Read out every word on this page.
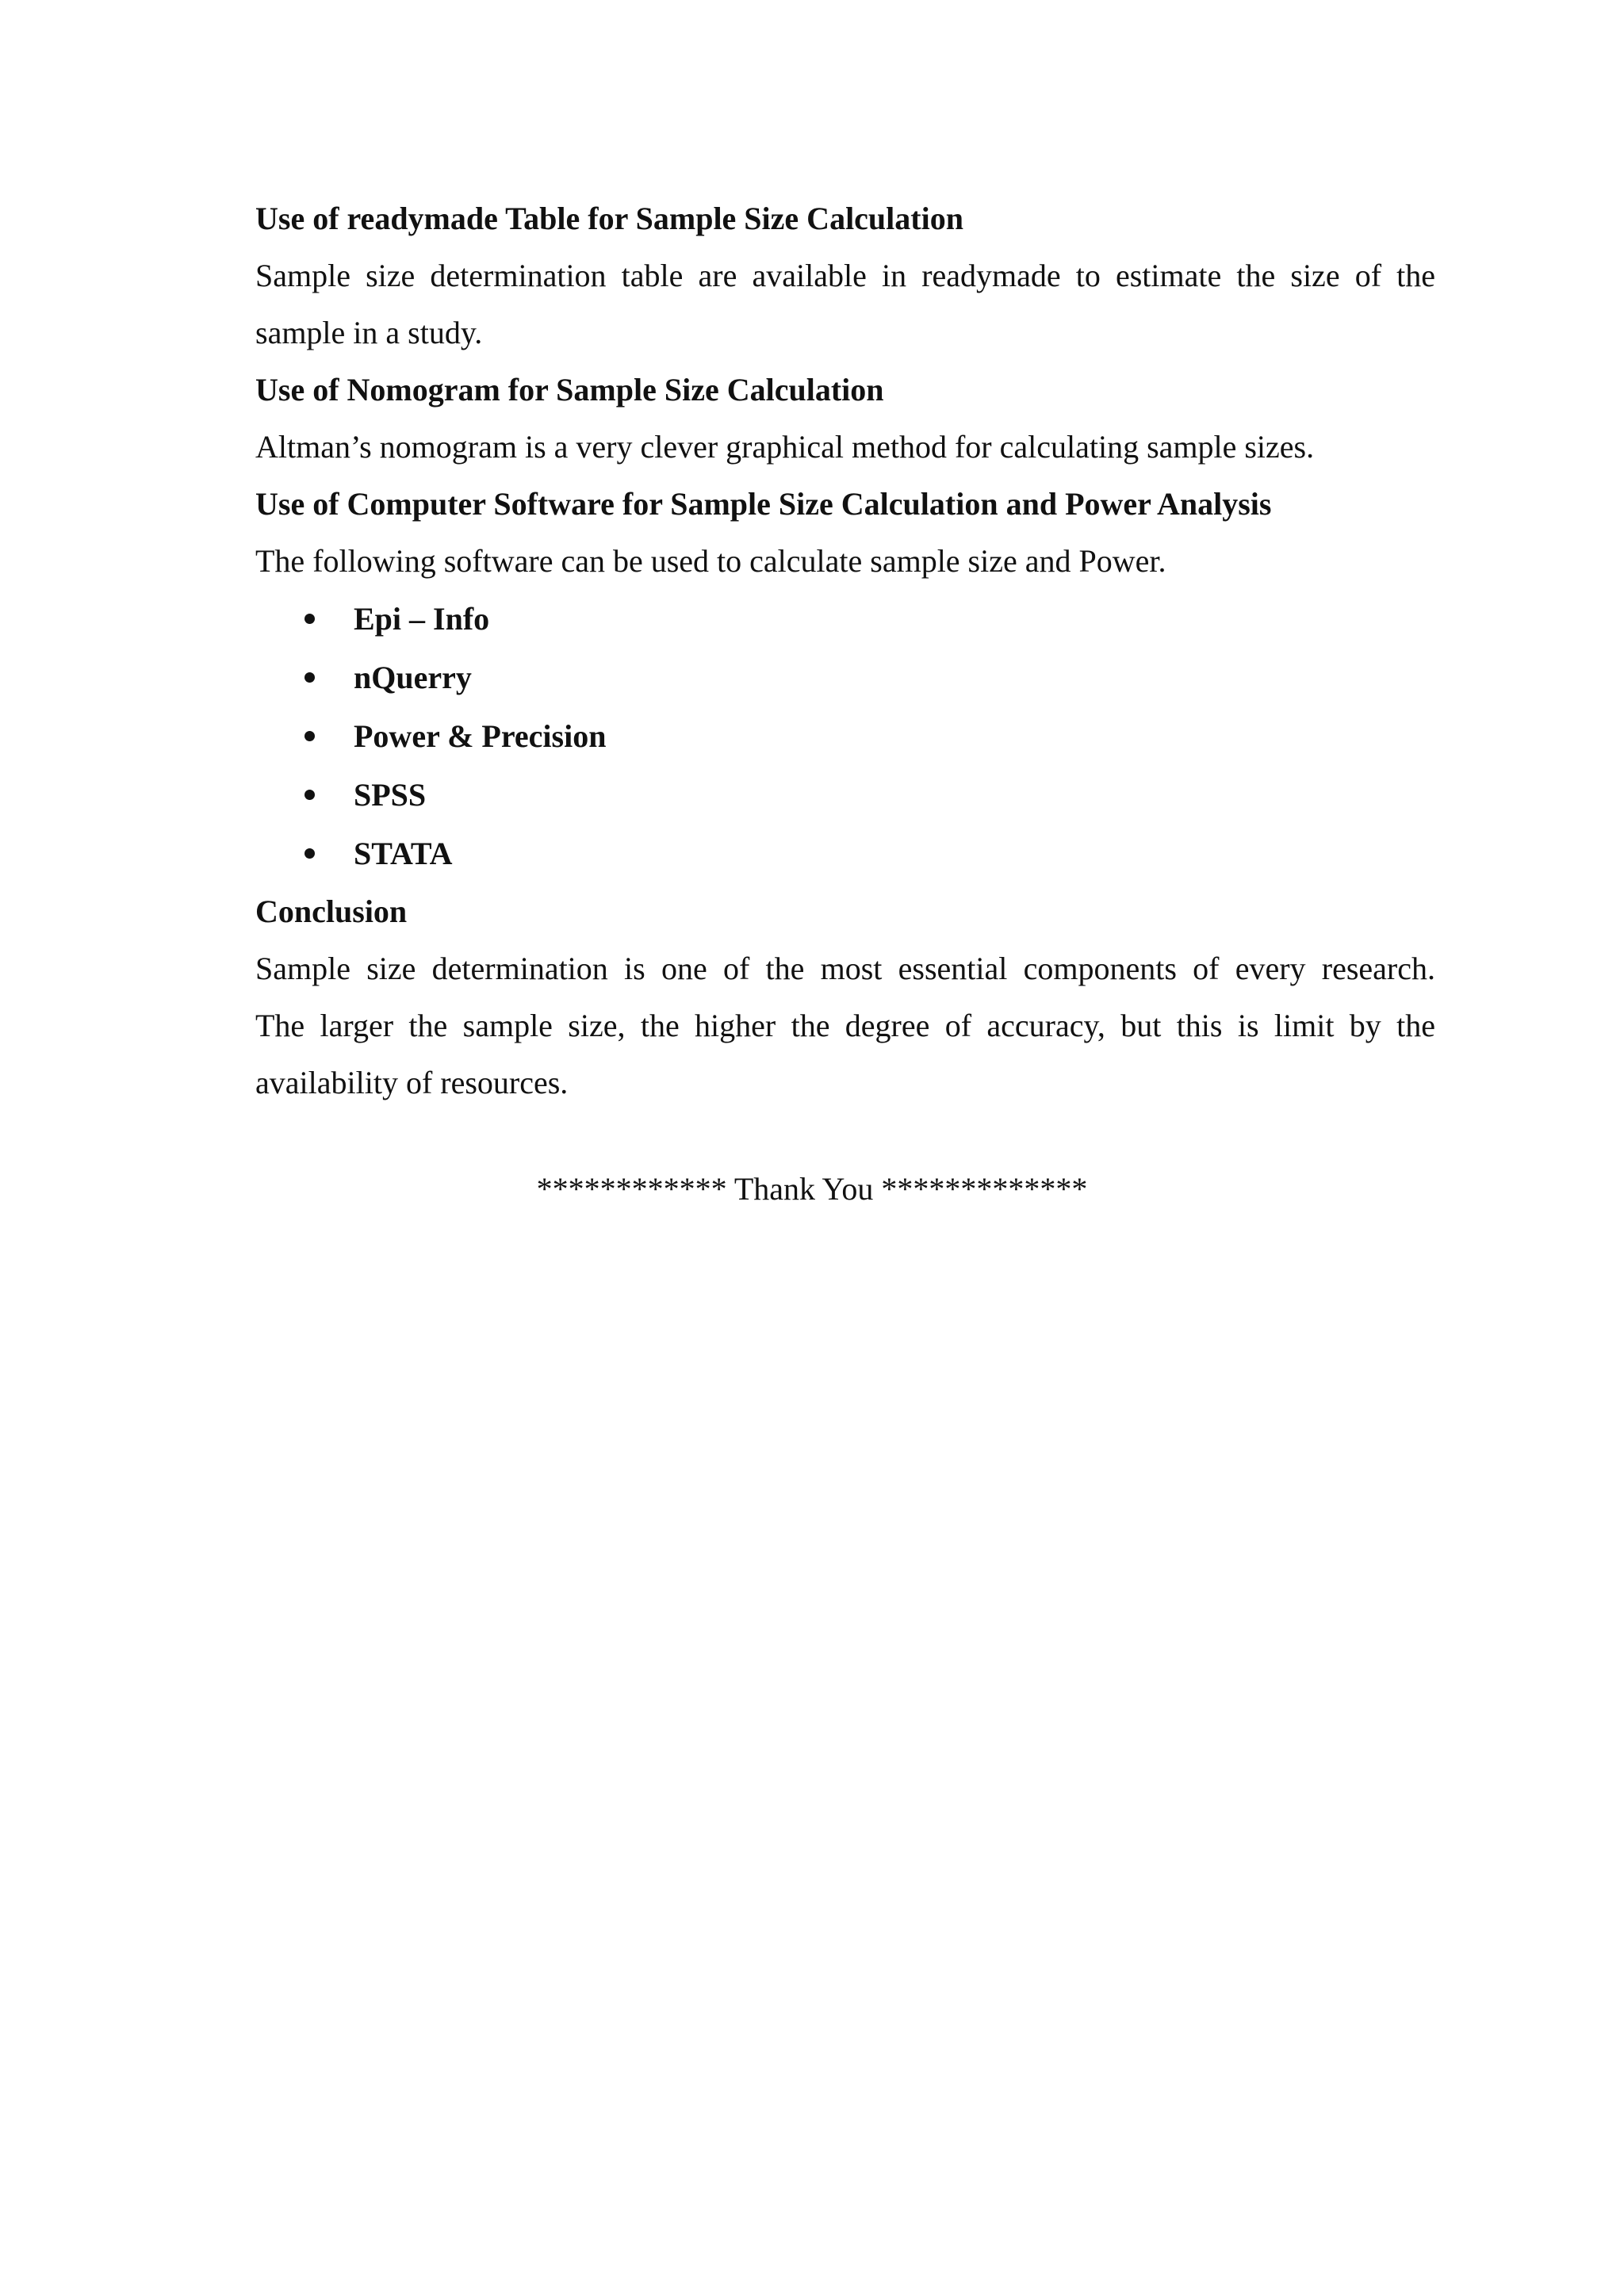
Use of readymade Table for Sample Size Calculation
Sample size determination table are available in readymade to estimate the size of the
sample in a study.
Use of Nomogram for Sample Size Calculation
Altman’s nomogram is a very clever graphical method for calculating sample sizes.
Use of Computer Software for Sample Size Calculation and Power Analysis
The following software can be used to calculate sample size and Power.
Epi – Info
nQuerry
Power & Precision
SPSS
STATA
Conclusion
Sample size determination is one of the most essential components of every research.
The larger the sample size, the higher the degree of accuracy, but this is limit by the
availability of resources.
************ Thank You *************
